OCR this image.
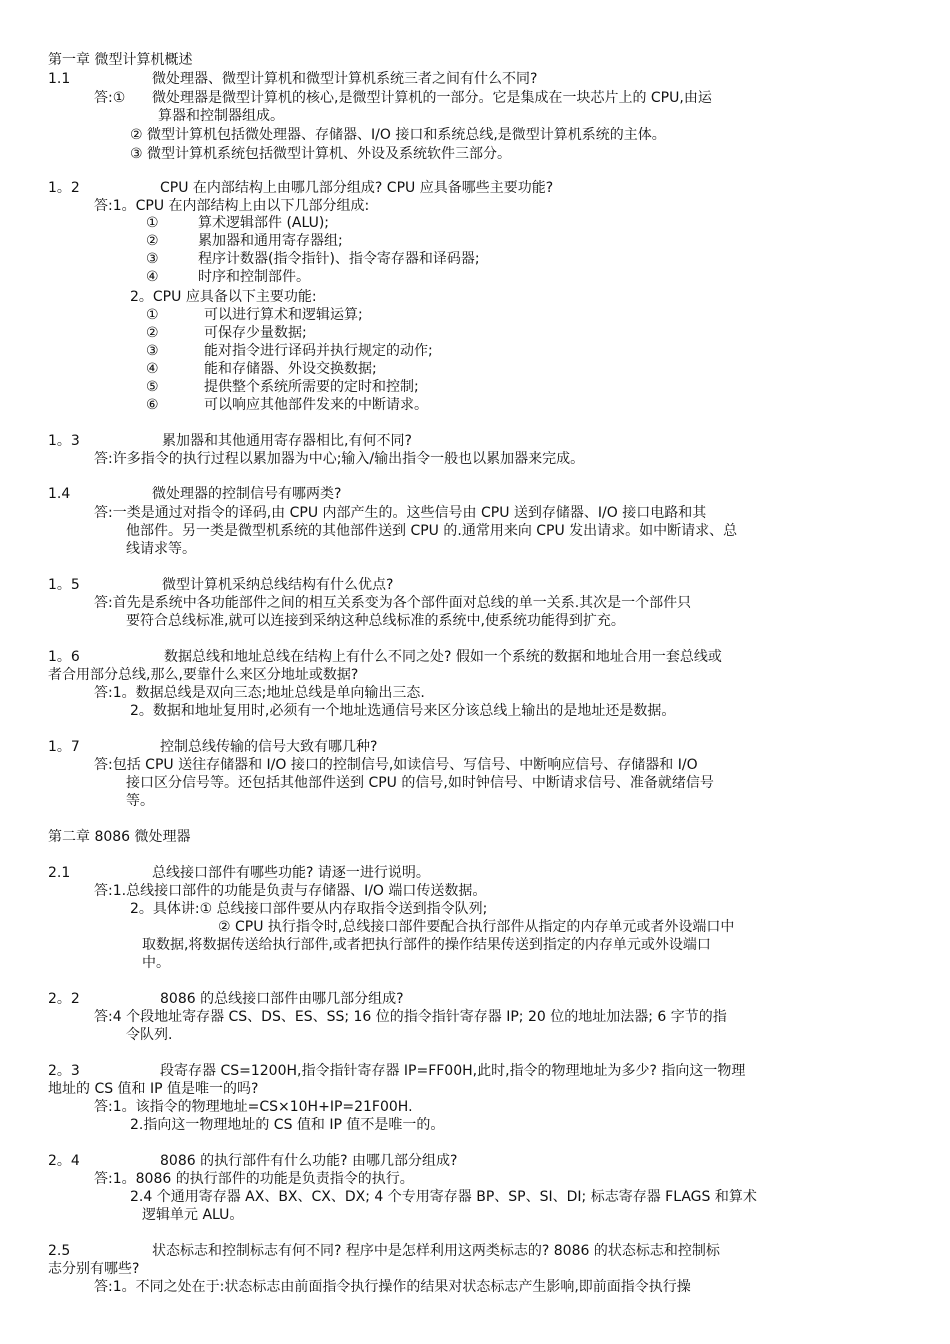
第一章 微型计算机概述
1.1	微处理器、微型计算机和微型计算机系统三者之间有什么不同?
答:① 微处理器是微型计算机的核心,是微型计算机的一部分。它是集成在一块芯片上的 CPU,由运
算器和控制器组成。
② 微型计算机包括微处理器、存储器、I/O 接口和系统总线,是微型计算机系统的主体。
③ 微型计算机系统包括微型计算机、外设及系统软件三部分。
1。2	CPU 在内部结构上由哪几部分组成? CPU 应具备哪些主要功能?
答:1。CPU 在内部结构上由以下几部分组成:
①	算术逻辑部件 (ALU);
②	累加器和通用寄存器组;
③	程序计数器(指令指针)、指令寄存器和译码器;
④	时序和控制部件。
2。CPU 应具备以下主要功能:
①	可以进行算术和逻辑运算;
②	可保存少量数据;
③	能对指令进行译码并执行规定的动作;
④	能和存储器、外设交换数据;
⑤	提供整个系统所需要的定时和控制;
⑥	可以响应其他部件发来的中断请求。
1。3	累加器和其他通用寄存器相比,有何不同?
答:许多指令的执行过程以累加器为中心;输入/输出指令一般也以累加器来完成。
1.4	微处理器的控制信号有哪两类?
答:一类是通过对指令的译码,由 CPU 内部产生的。这些信号由 CPU 送到存储器、I/O 接口电路和其
他部件。另一类是微型机系统的其他部件送到 CPU 的.通常用来向 CPU 发出请求。如中断请求、总
线请求等。
1。5	微型计算机采纳总线结构有什么优点?
答:首先是系统中各功能部件之间的相互关系变为各个部件面对总线的单一关系.其次是一个部件只
要符合总线标准,就可以连接到采纳这种总线标准的系统中,使系统功能得到扩充。
1。6	数据总线和地址总线在结构上有什么不同之处? 假如一个系统的数据和地址合用一套总线或
者合用部分总线,那么,要靠什么来区分地址或数据?
答:1。数据总线是双向三态;地址总线是单向输出三态.
2。数据和地址复用时,必须有一个地址选通信号来区分该总线上输出的是地址还是数据。
1。7	控制总线传输的信号大致有哪几种?
答:包括 CPU 送往存储器和 I/O 接口的控制信号,如读信号、写信号、中断响应信号、存储器和 I/O
接口区分信号等。还包括其他部件送到 CPU 的信号,如时钟信号、中断请求信号、准备就绪信号
等。
第二章 8086 微处理器
2.1	总线接口部件有哪些功能? 请逐一进行说明。
答:1.总线接口部件的功能是负责与存储器、I/O 端口传送数据。
2。具体讲:① 总线接口部件要从内存取指令送到指令队列;
② CPU 执行指令时,总线接口部件要配合执行部件从指定的内存单元或者外设端口中
取数据,将数据传送给执行部件,或者把执行部件的操作结果传送到指定的内存单元或外设端口
中。
2。2	8086 的总线接口部件由哪几部分组成?
答:4 个段地址寄存器 CS、DS、ES、SS; 16 位的指令指针寄存器 IP; 20 位的地址加法器; 6 字节的指
令队列.
2。3	段寄存器 CS=1200H,指令指针寄存器 IP=FF00H,此时,指令的物理地址为多少? 指向这一物理
地址的 CS 值和 IP 值是唯一的吗?
答:1。该指令的物理地址=CS×10H+IP=21F00H.
2.指向这一物理地址的 CS 值和 IP 值不是唯一的。
2。4	8086 的执行部件有什么功能? 由哪几部分组成?
答:1。8086 的执行部件的功能是负责指令的执行。
2.4 个通用寄存器 AX、BX、CX、DX; 4 个专用寄存器 BP、SP、SI、DI; 标志寄存器 FLAGS 和算术
逻辑单元 ALU。
2.5	状态标志和控制标志有何不同? 程序中是怎样利用这两类标志的? 8086 的状态标志和控制标
志分别有哪些?
答:1。不同之处在于:状态标志由前面指令执行操作的结果对状态标志产生影响,即前面指令执行操
